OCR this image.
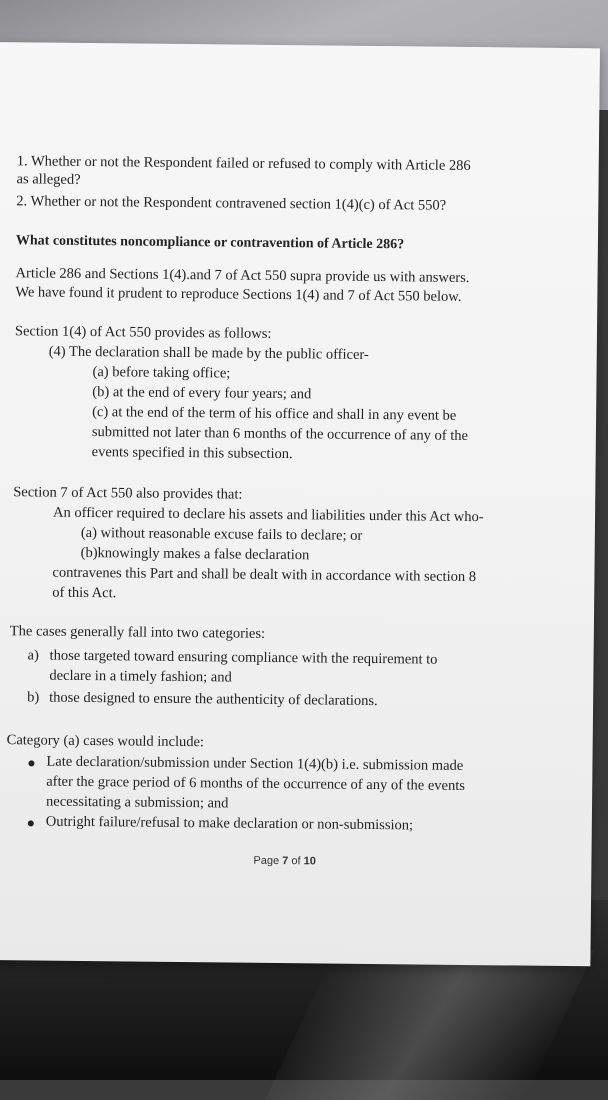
1. Whether or not the Respondent failed or refused to comply with Article 286
as alleged?
2. Whether or not the Respondent contravened section 1(4)(c) of Act 550?
What constitutes noncompliance or contravention of Article 286?
Article 286 and Sections 1(4).and 7 of Act 550 supra provide us with answers.
We have found it prudent to reproduce Sections 1(4) and 7 of Act 550 below.
Section 1(4) of Act 550 provides as follows:
(4) The declaration shall be made by the public officer-
(a) before taking office;
(b) at the end of every four years; and
(c) at the end of the term of his office and shall in any event be
submitted not later than 6 months of the occurrence of any of the
events specified in this subsection.
Section 7 of Act 550 also provides that:
An officer required to declare his assets and liabilities under this Act who-
(a) without reasonable excuse fails to declare; or
(b)knowingly makes a false declaration
contravenes this Part and shall be dealt with in accordance with section 8
of this Act.
The cases generally fall into two categories:
a) those targeted toward ensuring compliance with the requirement to
declare in a timely fashion; and
b) those designed to ensure the authenticity of declarations.
Category (a) cases would include:
Late declaration/submission under Section 1(4)(b) i.e. submission made
after the grace period of 6 months of the occurrence of any of the events
necessitating a submission; and
Outright failure/refusal to make declaration or non-submission;
Page 7 of 10
